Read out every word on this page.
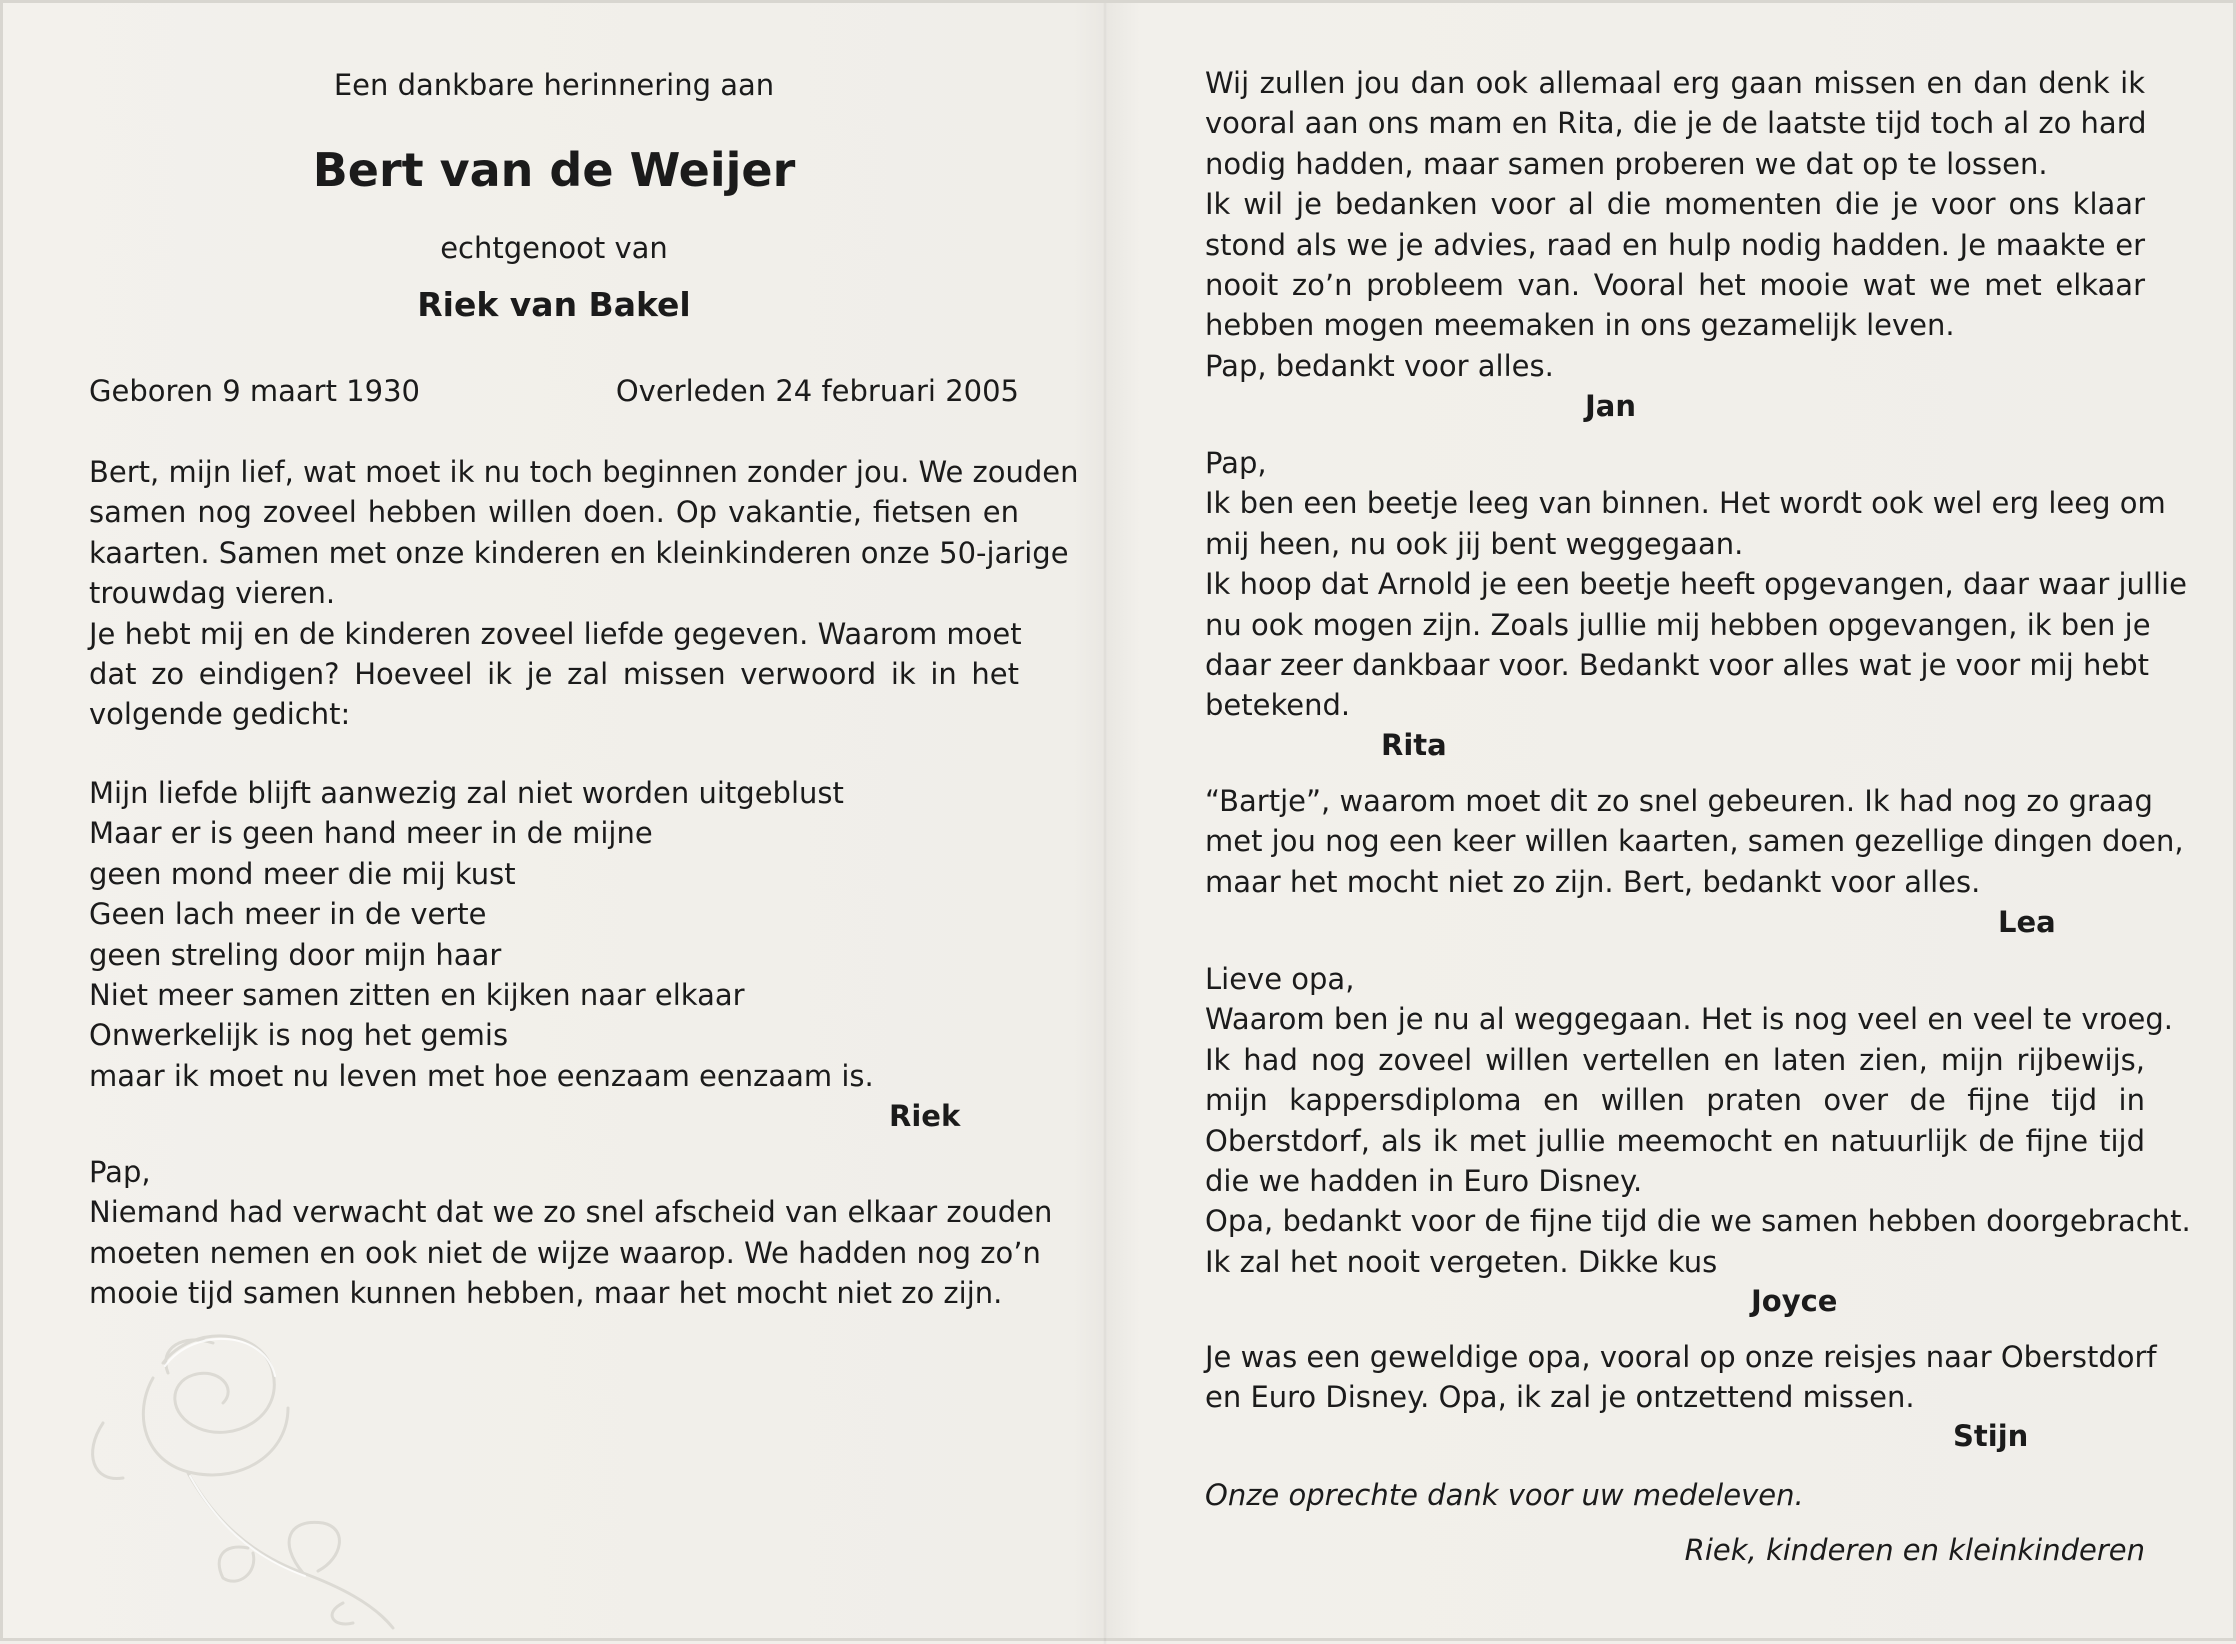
Een dankbare herinnering aan
Bert van de Weijer
echtgenoot van
Riek van Bakel
Geboren 9 maart 1930	Overleden 24 februari 2005
Bert, mijn lief, wat moet ik nu toch beginnen zonder jou. We zouden
samen nog zoveel hebben willen doen. Op vakantie, fietsen en
kaarten. Samen met onze kinderen en kleinkinderen onze 50-jarige
trouwdag vieren.
Je hebt mij en de kinderen zoveel liefde gegeven. Waarom moet
dat zo eindigen? Hoeveel ik je zal missen verwoord ik in het
volgende gedicht:
Mijn liefde blijft aanwezig zal niet worden uitgeblust
Maar er is geen hand meer in de mijne
geen mond meer die mij kust
Geen lach meer in de verte
geen streling door mijn haar
Niet meer samen zitten en kijken naar elkaar
Onwerkelijk is nog het gemis
maar ik moet nu leven met hoe eenzaam eenzaam is.
Riek
Pap,
Niemand had verwacht dat we zo snel afscheid van elkaar zouden
moeten nemen en ook niet de wijze waarop. We hadden nog zo’n
mooie tijd samen kunnen hebben, maar het mocht niet zo zijn.
Wij zullen jou dan ook allemaal erg gaan missen en dan denk ik
vooral aan ons mam en Rita, die je de laatste tijd toch al zo hard
nodig hadden, maar samen proberen we dat op te lossen.
Ik wil je bedanken voor al die momenten die je voor ons klaar
stond als we je advies, raad en hulp nodig hadden. Je maakte er
nooit zo’n probleem van. Vooral het mooie wat we met elkaar
hebben mogen meemaken in ons gezamelijk leven.
Pap, bedankt voor alles.
Jan
Pap,
Ik ben een beetje leeg van binnen. Het wordt ook wel erg leeg om
mij heen, nu ook jij bent weggegaan.
Ik hoop dat Arnold je een beetje heeft opgevangen, daar waar jullie
nu ook mogen zijn. Zoals jullie mij hebben opgevangen, ik ben je
daar zeer dankbaar voor. Bedankt voor alles wat je voor mij hebt
betekend.
Rita
“Bartje”, waarom moet dit zo snel gebeuren. Ik had nog zo graag
met jou nog een keer willen kaarten, samen gezellige dingen doen,
maar het mocht niet zo zijn. Bert, bedankt voor alles.
Lea
Lieve opa,
Waarom ben je nu al weggegaan. Het is nog veel en veel te vroeg.
Ik had nog zoveel willen vertellen en laten zien, mijn rijbewijs,
mijn kappersdiploma en willen praten over de fijne tijd in
Oberstdorf, als ik met jullie meemocht en natuurlijk de fijne tijd
die we hadden in Euro Disney.
Opa, bedankt voor de fijne tijd die we samen hebben doorgebracht.
Ik zal het nooit vergeten. Dikke kus
Joyce
Je was een geweldige opa, vooral op onze reisjes naar Oberstdorf
en Euro Disney. Opa, ik zal je ontzettend missen.
Stijn
Onze oprechte dank voor uw medeleven.
Riek, kinderen en kleinkinderen
